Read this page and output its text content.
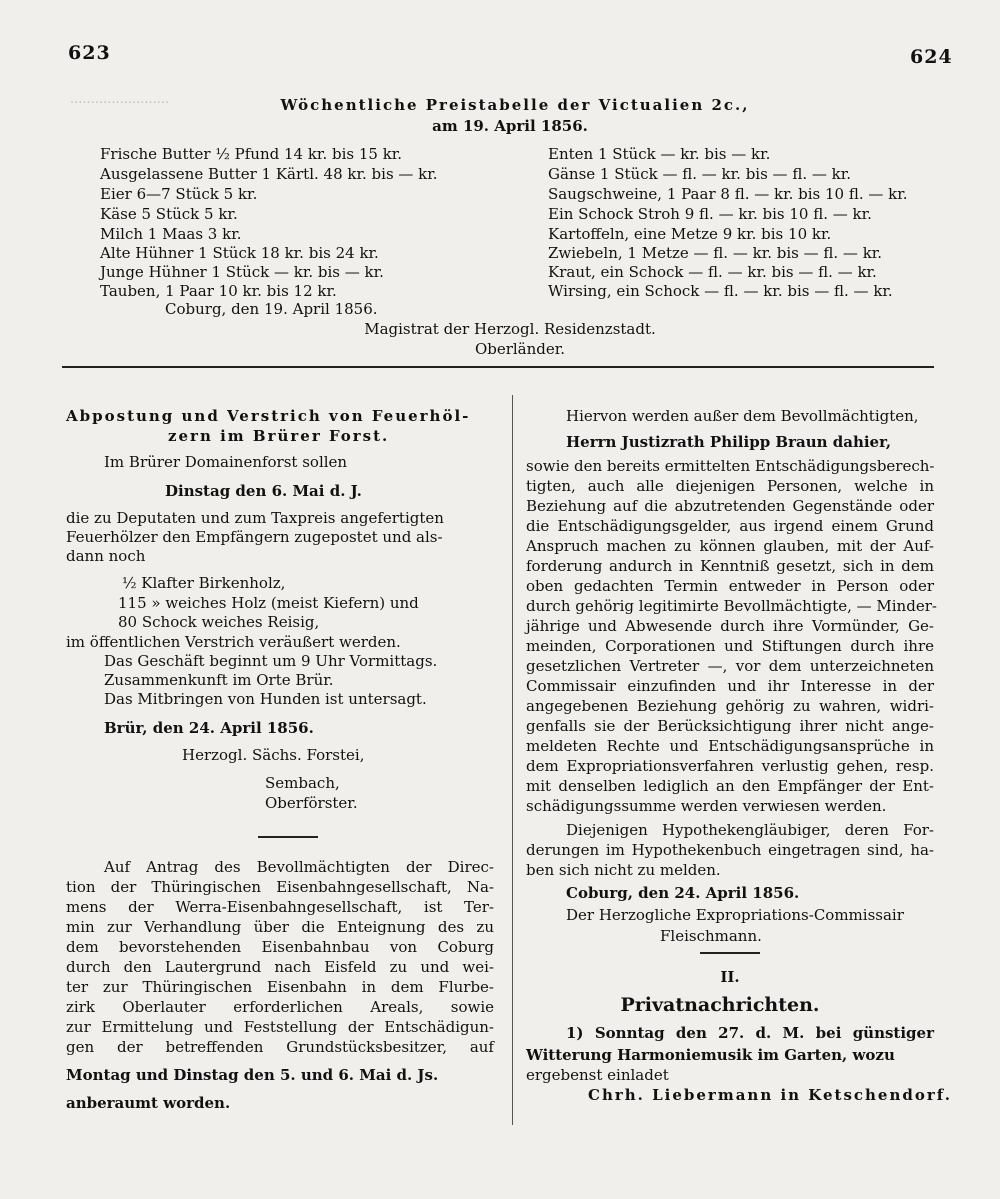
........................
623	624
Wöchentliche Preistabelle der Victualien 2c.,
am 19. April 1856.
Frische Butter ½ Pfund 14 kr. bis 15 kr.
Ausgelassene Butter 1 Kärtl. 48 kr. bis — kr.
Eier 6—7 Stück 5 kr.
Käse 5 Stück 5 kr.
Milch 1 Maas 3 kr.
Alte Hühner 1 Stück 18 kr. bis 24 kr.
Junge Hühner 1 Stück — kr. bis — kr.
Tauben, 1 Paar 10 kr. bis 12 kr.
Enten 1 Stück — kr. bis — kr.
Gänse 1 Stück — fl. — kr. bis — fl. — kr.
Saugschweine, 1 Paar 8 fl. — kr. bis 10 fl. — kr.
Ein Schock Stroh 9 fl. — kr. bis 10 fl. — kr.
Kartoffeln, eine Metze 9 kr. bis 10 kr.
Zwiebeln, 1 Metze — fl. — kr. bis — fl. — kr.
Kraut, ein Schock — fl. — kr. bis — fl. — kr.
Wirsing, ein Schock — fl. — kr. bis — fl. — kr.
Coburg, den 19. April 1856.
Magistrat der Herzogl. Residenzstadt.
Oberländer.
Abpostung und Verstrich von Feuerhöl-
zern im Brürer Forst.
Im Brürer Domainenforst sollen
Dinstag den 6. Mai d. J.
die zu Deputaten und zum Taxpreis angefertigten
Feuerhölzer den Empfängern zugepostet und als-
dann noch
½ Klafter Birkenholz,
115 » weiches Holz (meist Kiefern) und
80 Schock weiches Reisig,
im öffentlichen Verstrich veräußert werden.
Das Geschäft beginnt um 9 Uhr Vormittags.
Zusammenkunft im Orte Brür.
Das Mitbringen von Hunden ist untersagt.
Brür, den 24. April 1856.
Herzogl. Sächs. Forstei,
Sembach,
Oberförster.
Auf Antrag des Bevollmächtigten der Direc-
tion der Thüringischen Eisenbahngesellschaft, Na-
mens der Werra-Eisenbahngesellschaft, ist Ter-
min zur Verhandlung über die Enteignung des zu
dem bevorstehenden Eisenbahnbau von Coburg
durch den Lautergrund nach Eisfeld zu und wei-
ter zur Thüringischen Eisenbahn in dem Flurbe-
zirk Oberlauter erforderlichen Areals, sowie
zur Ermittelung und Feststellung der Entschädigun-
gen der betreffenden Grundstücksbesitzer, auf
Montag und Dinstag den 5. und 6. Mai d. Js.
anberaumt worden.
Hiervon werden außer dem Bevollmächtigten,
Herrn Justizrath Philipp Braun dahier,
sowie den bereits ermittelten Entschädigungsberech-
tigten, auch alle diejenigen Personen, welche in
Beziehung auf die abzutretenden Gegenstände oder
die Entschädigungsgelder, aus irgend einem Grund
Anspruch machen zu können glauben, mit der Auf-
forderung andurch in Kenntniß gesetzt, sich in dem
oben gedachten Termin entweder in Person oder
durch gehörig legitimirte Bevollmächtigte, — Minder-
jährige und Abwesende durch ihre Vormünder, Ge-
meinden, Corporationen und Stiftungen durch ihre
gesetzlichen Vertreter —, vor dem unterzeichneten
Commissair einzufinden und ihr Interesse in der
angegebenen Beziehung gehörig zu wahren, widri-
genfalls sie der Berücksichtigung ihrer nicht ange-
meldeten Rechte und Entschädigungsansprüche in
dem Expropriationsverfahren verlustig gehen, resp.
mit denselben lediglich an den Empfänger der Ent-
schädigungssumme werden verwiesen werden.
Diejenigen Hypothekengläubiger, deren For-
derungen im Hypothekenbuch eingetragen sind, ha-
ben sich nicht zu melden.
Coburg, den 24. April 1856.
Der Herzogliche Expropriations-Commissair
Fleischmann.
II.
Privatnachrichten.
1) Sonntag den 27. d. M. bei günstiger
Witterung Harmoniemusik im Garten, wozu
ergebenst einladet
Chrh. Liebermann in Ketschendorf.
